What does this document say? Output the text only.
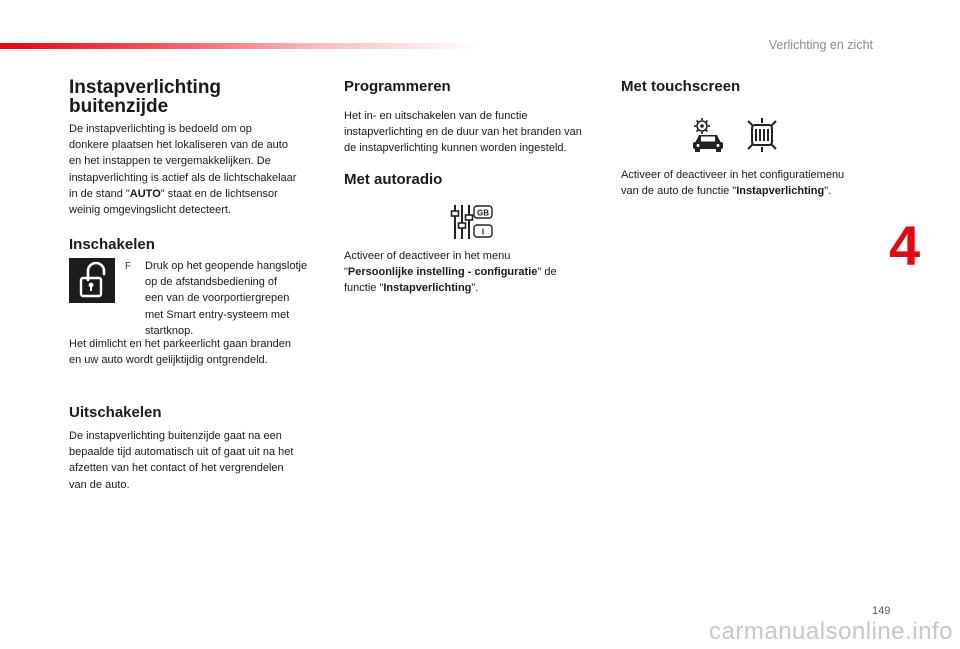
Verlichting en zicht
4
149
carmanualsonline.info
Instapverlichting
buitenzijde
De instapverlichting is bedoeld om op
donkere plaatsen het lokaliseren van de auto
en het instappen te vergemakkelijken. De
instapverlichting is actief als de lichtschakelaar
in de stand "AUTO" staat en de lichtsensor
weinig omgevingslicht detecteert.
Inschakelen
F Druk op het geopende hangslotje
op de afstandsbediening of
een van de voorportiergrepen
met Smart entry-systeem met
startknop.
Het dimlicht en het parkeerlicht gaan branden
en uw auto wordt gelijktijdig ontgrendeld.
Uitschakelen
De instapverlichting buitenzijde gaat na een
bepaalde tijd automatisch uit of gaat uit na het
afzetten van het contact of het vergrendelen
van de auto.
Programmeren
Het in- en uitschakelen van de functie
instapverlichting en de duur van het branden van
de instapverlichting kunnen worden ingesteld.
Met autoradio
GB
I
Activeer of deactiveer in het menu
"Persoonlijke instelling - configuratie" de
functie "Instapverlichting".
Met touchscreen
Activeer of deactiveer in het configuratiemenu
van de auto de functie "Instapverlichting".
